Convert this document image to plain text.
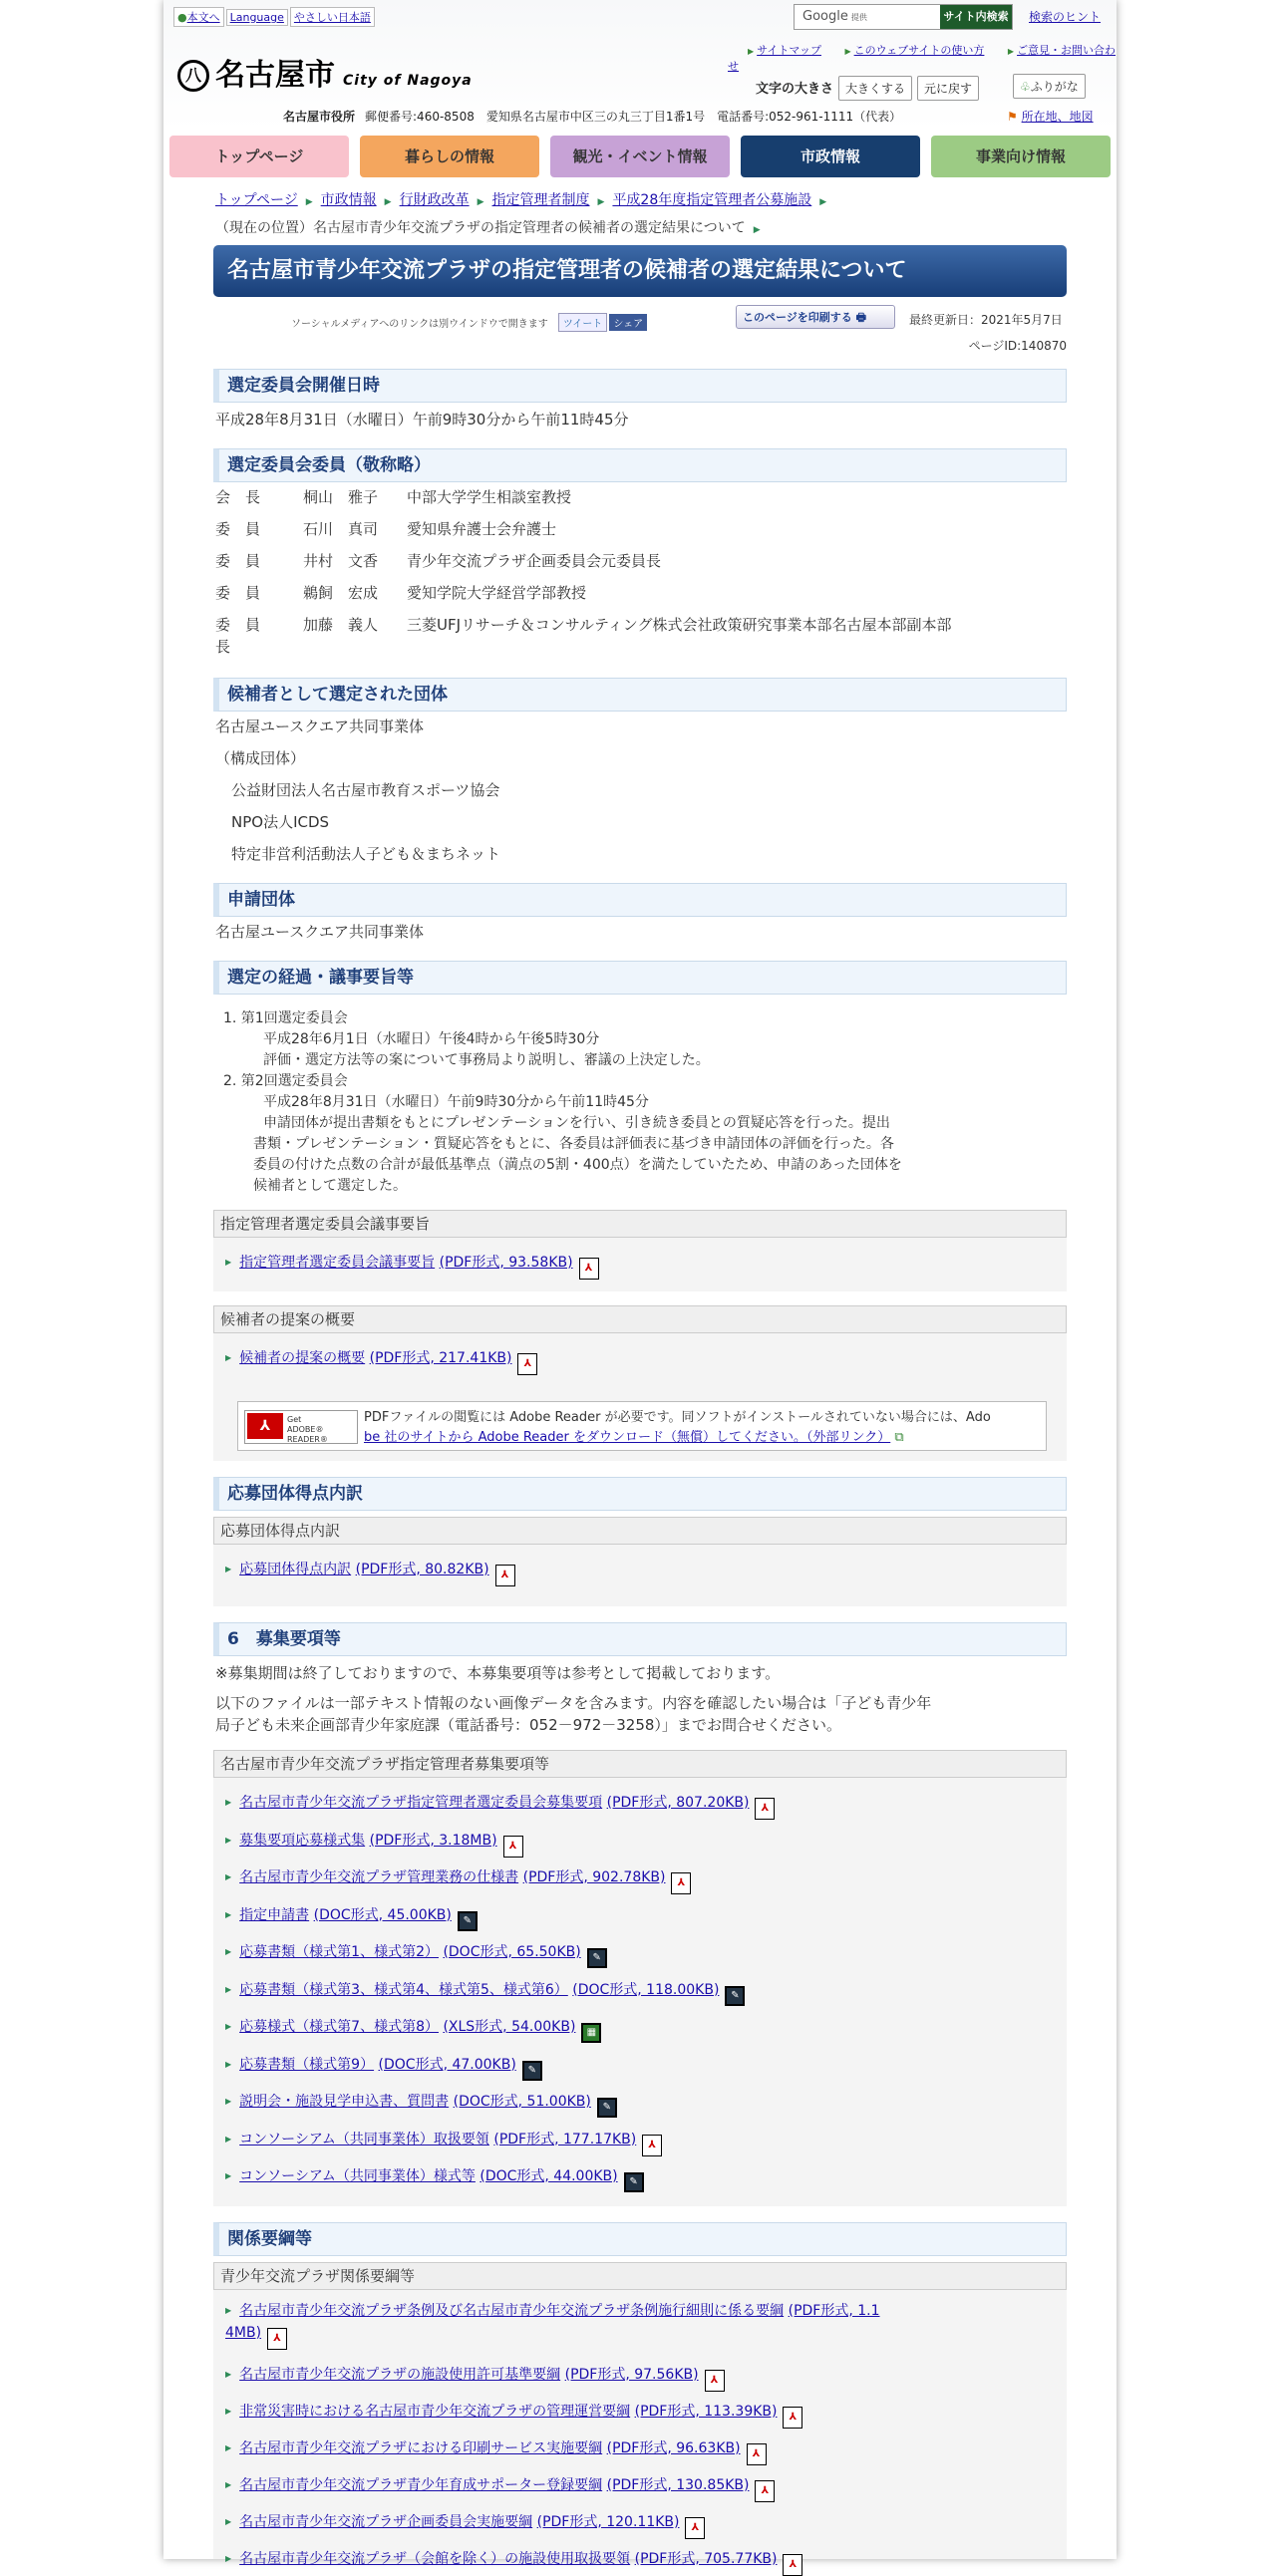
●本文へ Language やさしい日本語
八 名古屋市 City of Nagoya
Google 提供	サイト内検索 検索のヒント
▶ サイトマップ	▶ このウェブサイトの使い方	▶ ご意見・お問い合わせ
文字の大きさ 大きくする 元に戻す	♧ふりがな
名古屋市役所 郵便番号:460-8508　愛知県名古屋市中区三の丸三丁目1番1号　電話番号:052-961-1111（代表）	⚑ 所在地、地図
トップページ	暮らしの情報	観光・イベント情報	市政情報	事業向け情報
トップページ ▶ 市政情報 ▶ 行財政改革 ▶ 指定管理者制度 ▶ 平成28年度指定管理者公募施設 ▶
（現在の位置）名古屋市青少年交流プラザの指定管理者の候補者の選定結果について ▶
名古屋市青少年交流プラザの指定管理者の候補者の選定結果について
ソーシャルメディアへのリンクは別ウインドウで開きます ツイート シェア
このページを印刷する 🖶	最終更新日：2021年5月7日
ページID:140870
選定委員会開催日時
平成28年8月31日（水曜日）午前9時30分から午前11時45分
選定委員会委員（敬称略）
会　長	桐山　雅子 中部大学学生相談室教授
委　員	石川　真司 愛知県弁護士会弁護士
委　員	井村　文香 青少年交流プラザ企画委員会元委員長
委　員	鵜飼　宏成 愛知学院大学経営学部教授
委　員	加藤　義人 三菱UFJリサーチ＆コンサルティング株式会社政策研究事業本部名古屋本部副本部
長
候補者として選定された団体
名古屋ユースクエア共同事業体
（構成団体）
公益財団法人名古屋市教育スポーツ協会
NPO法人ICDS
特定非営利活動法人子ども＆まちネット
申請団体
名古屋ユースクエア共同事業体
選定の経過・議事要旨等
1. 第1回選定委員会
平成28年6月1日（水曜日）午後4時から午後5時30分
評価・選定方法等の案について事務局より説明し、審議の上決定した。
2. 第2回選定委員会
平成28年8月31日（水曜日）午前9時30分から午前11時45分
申請団体が提出書類をもとにプレゼンテーションを行い、引き続き委員との質疑応答を行った。提出
書類・プレゼンテーション・質疑応答をもとに、各委員は評価表に基づき申請団体の評価を行った。各
委員の付けた点数の合計が最低基準点（満点の5割・400点）を満たしていたため、申請のあった団体を
候補者として選定した。
指定管理者選定委員会議事要旨
▶ 指定管理者選定委員会議事要旨 (PDF形式, 93.58KB) ⅄
候補者の提案の概要
▶ 候補者の提案の概要 (PDF形式, 217.41KB) ⅄
⅄	Get
ADOBE® READER®
PDFファイルの閲覧には Adobe Reader が必要です。同ソフトがインストールされていない場合には、Ado
be 社のサイトから Adobe Reader をダウンロード（無償）してください。（外部リンク） ⧉
応募団体得点内訳
応募団体得点内訳
▶ 応募団体得点内訳 (PDF形式, 80.82KB) ⅄
6　募集要項等
※募集期間は終了しておりますので、本募集要項等は参考として掲載しております。
以下のファイルは一部テキスト情報のない画像データを含みます。内容を確認したい場合は「子ども青少年
局子ども未来企画部青少年家庭課（電話番号：052－972－3258）」までお問合せください。
名古屋市青少年交流プラザ指定管理者募集要項等
▶ 名古屋市青少年交流プラザ指定管理者選定委員会募集要項 (PDF形式, 807.20KB) ⅄
▶ 募集要項応募様式集 (PDF形式, 3.18MB) ⅄
▶ 名古屋市青少年交流プラザ管理業務の仕様書 (PDF形式, 902.78KB) ⅄
▶ 指定申請書 (DOC形式, 45.00KB) ✎
▶ 応募書類（様式第1、様式第2） (DOC形式, 65.50KB) ✎
▶ 応募書類（様式第3、様式第4、様式第5、様式第6） (DOC形式, 118.00KB) ✎
▶ 応募様式（様式第7、様式第8） (XLS形式, 54.00KB) ▦
▶ 応募書類（様式第9） (DOC形式, 47.00KB) ✎
▶ 説明会・施設見学申込書、質問書 (DOC形式, 51.00KB) ✎
▶ コンソーシアム（共同事業体）取扱要領 (PDF形式, 177.17KB) ⅄
▶ コンソーシアム（共同事業体）様式等 (DOC形式, 44.00KB) ✎
関係要綱等
青少年交流プラザ関係要綱等
▶ 名古屋市青少年交流プラザ条例及び名古屋市青少年交流プラザ条例施行細則に係る要綱 (PDF形式, 1.1
4MB) ⅄
▶ 名古屋市青少年交流プラザの施設使用許可基準要綱 (PDF形式, 97.56KB) ⅄
▶ 非常災害時における名古屋市青少年交流プラザの管理運営要綱 (PDF形式, 113.39KB) ⅄
▶ 名古屋市青少年交流プラザにおける印刷サービス実施要綱 (PDF形式, 96.63KB) ⅄
▶ 名古屋市青少年交流プラザ青少年育成サポーター登録要綱 (PDF形式, 130.85KB) ⅄
▶ 名古屋市青少年交流プラザ企画委員会実施要綱 (PDF形式, 120.11KB) ⅄
▶ 名古屋市青少年交流プラザ（会館を除く）の施設使用取扱要領 (PDF形式, 705.77KB) ⅄
